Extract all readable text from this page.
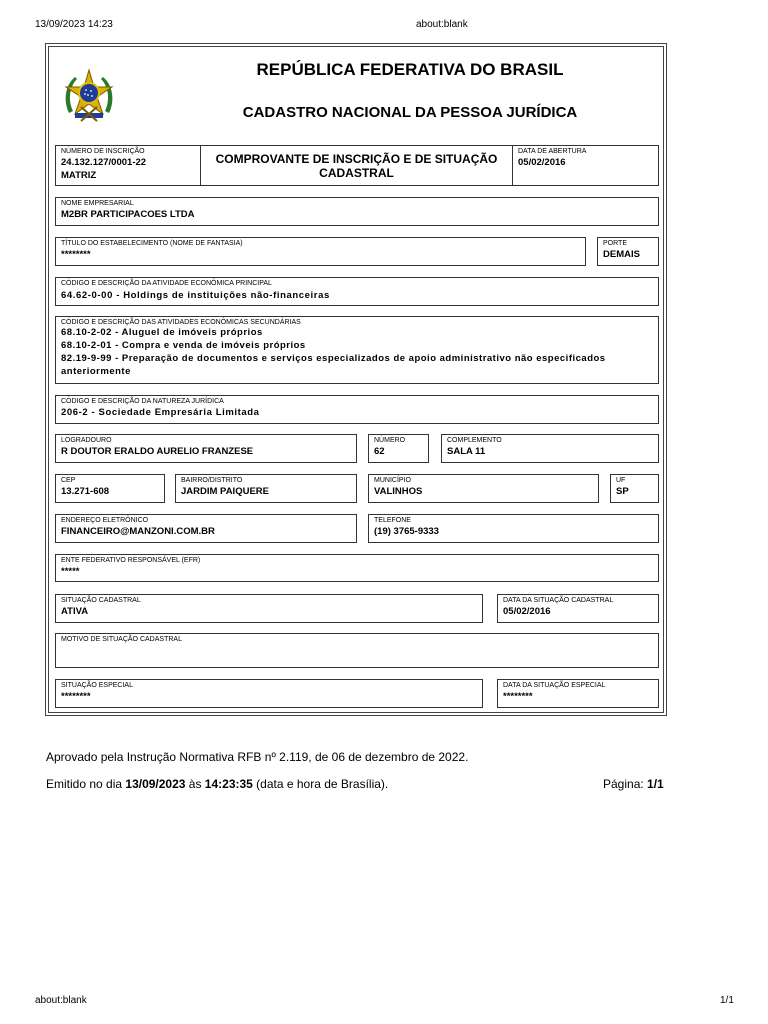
13/09/2023 14:23	about:blank
about:blank	1/1
REPÚBLICA FEDERATIVA DO BRASIL
CADASTRO NACIONAL DA PESSOA JURÍDICA
NÚMERO DE INSCRIÇÃO
24.132.127/0001-22
MATRIZ
COMPROVANTE DE INSCRIÇÃO E DE SITUAÇÃO
CADASTRAL
DATA DE ABERTURA
05/02/2016
NOME EMPRESARIAL
M2BR PARTICIPACOES LTDA
TÍTULO DO ESTABELECIMENTO (NOME DE FANTASIA)
********
PORTE
DEMAIS
CÓDIGO E DESCRIÇÃO DA ATIVIDADE ECONÔMICA PRINCIPAL
64.62-0-00 - Holdings de instituições não-financeiras
CÓDIGO E DESCRIÇÃO DAS ATIVIDADES ECONÔMICAS SECUNDÁRIAS
68.10-2-02 - Aluguel de imóveis próprios
68.10-2-01 - Compra e venda de imóveis próprios
82.19-9-99 - Preparação de documentos e serviços especializados de apoio administrativo não especificados
anteriormente
CÓDIGO E DESCRIÇÃO DA NATUREZA JURÍDICA
206-2 - Sociedade Empresária Limitada
LOGRADOURO
R DOUTOR ERALDO AURELIO FRANZESE
NÚMERO
62
COMPLEMENTO
SALA 11
CEP
13.271-608
BAIRRO/DISTRITO
JARDIM PAIQUERE
MUNICÍPIO
VALINHOS
UF
SP
ENDEREÇO ELETRÔNICO
FINANCEIRO@MANZONI.COM.BR
TELEFONE
(19) 3765-9333
ENTE FEDERATIVO RESPONSÁVEL (EFR)
*****
SITUAÇÃO CADASTRAL
ATIVA
DATA DA SITUAÇÃO CADASTRAL
05/02/2016
MOTIVO DE SITUAÇÃO CADASTRAL
SITUAÇÃO ESPECIAL
********
DATA DA SITUAÇÃO ESPECIAL
********
Aprovado pela Instrução Normativa RFB nº 2.119, de 06 de dezembro de 2022.
Emitido no dia 13/09/2023 às 14:23:35 (data e hora de Brasília).	Página: 1/1
